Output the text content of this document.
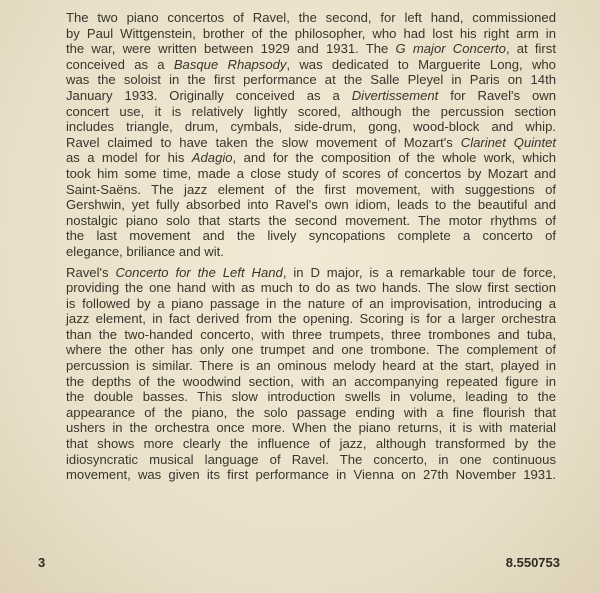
The two piano concertos of Ravel, the second, for left hand, commissioned
by Paul Wittgenstein, brother of the philosopher, who had lost his right arm in
the war, were written between 1929 and 1931. The G major Concerto, at first
conceived as a Basque Rhapsody, was dedicated to Marguerite Long, who
was the soloist in the first performance at the Salle Pleyel in Paris on 14th
January 1933. Originally conceived as a Divertissement for Ravel's own
concert use, it is relatively lightly scored, although the percussion section
includes triangle, drum, cymbals, side-drum, gong, wood-block and whip.
Ravel claimed to have taken the slow movement of Mozart's Clarinet Quintet
as a model for his Adagio, and for the composition of the whole work, which
took him some time, made a close study of scores of concertos by Mozart and
Saint-Saëns. The jazz element of the first movement, with suggestions of
Gershwin, yet fully absorbed into Ravel's own idiom, leads to the beautiful and
nostalgic piano solo that starts the second movement. The motor rhythms of
the last movement and the lively syncopations complete a concerto of
elegance, briliance and wit.

Ravel's Concerto for the Left Hand, in D major, is a remarkable tour de force,
providing the one hand with as much to do as two hands. The slow first section
is followed by a piano passage in the nature of an improvisation, introducing a
jazz element, in fact derived from the opening. Scoring is for a larger orchestra
than the two-handed concerto, with three trumpets, three trombones and tuba,
where the other has only one trumpet and one trombone. The complement of
percussion is similar. There is an ominous melody heard at the start, played in
the depths of the woodwind section, with an accompanying repeated figure in
the double basses. This slow introduction swells in volume, leading to the
appearance of the piano, the solo passage ending with a fine flourish that
ushers in the orchestra once more. When the piano returns, it is with material
that shows more clearly the influence of jazz, although transformed by the
idiosyncratic musical language of Ravel. The concerto, in one continuous
movement, was given its first performance in Vienna on 27th November 1931.

3	8.550753
